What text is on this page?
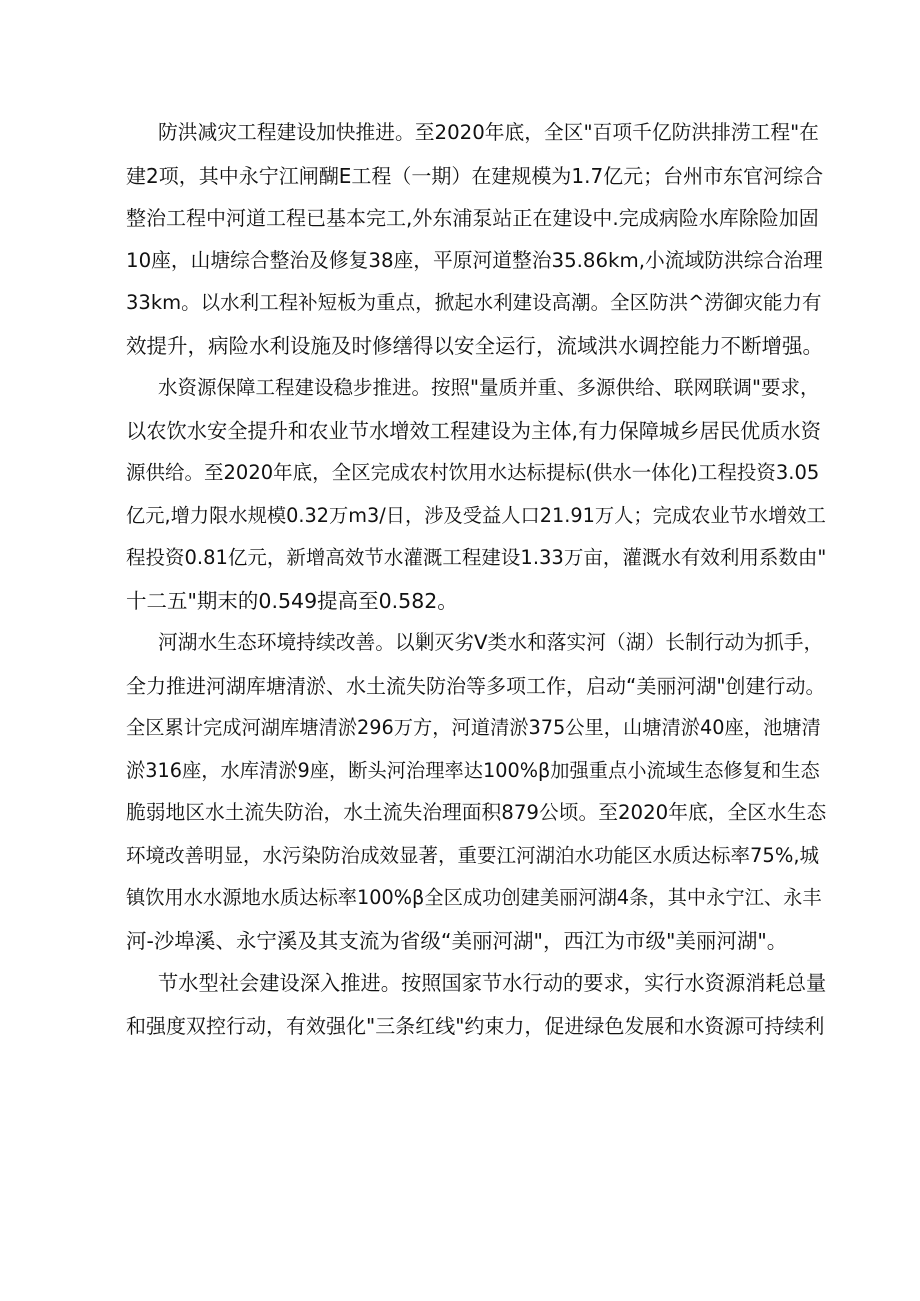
防洪减灾工程建设加快推进。至2020年底，全区"百项千亿防洪排涝工程"在
建2项，其中永宁江闸醐E工程（一期）在建规模为1.7亿元；台州市东官河综合
整治工程中河道工程已基本完工,外东浦泵站正在建设中.完成病险水库除险加固
10座，山塘综合整治及修复38座，平原河道整治35.86km,小流域防洪综合治理
33km。以水利工程补短板为重点，掀起水利建设高潮。全区防洪^涝御灾能力有
效提升，病险水利设施及时修缮得以安全运行，流域洪水调控能力不断增强。
水资源保障工程建设稳步推进。按照"量质并重、多源供给、联网联调"要求，
以农饮水安全提升和农业节水增效工程建设为主体,有力保障城乡居民优质水资
源供给。至2020年底，全区完成农村饮用水达标提标(供水一体化)工程投资3.05
亿元,增力限水规模0.32万m3/日，涉及受益人口21.91万人；完成农业节水增效工
程投资0.81亿元，新增高效节水灌溉工程建设1.33万亩，灌溉水有效利用系数由"
十二五"期末的0.549提高至0.582。
河湖水生态环境持续改善。以剿灭劣V类水和落实河（湖）长制行动为抓手，
全力推进河湖库塘清淤、水土流失防治等多项工作，启动“美丽河湖"创建行动。
全区累计完成河湖库塘清淤296万方，河道清淤375公里，山塘清淤40座，池塘清
淤316座，水库清淤9座，断头河治理率达100%β加强重点小流域生态修复和生态
脆弱地区水土流失防治，水土流失治理面积879公顷。至2020年底，全区水生态
环境改善明显，水污染防治成效显著，重要江河湖泊水功能区水质达标率75%,城
镇饮用水水源地水质达标率100%β全区成功创建美丽河湖4条，其中永宁江、永丰
河-沙埠溪、永宁溪及其支流为省级“美丽河湖"，西江为市级"美丽河湖"。
节水型社会建设深入推进。按照国家节水行动的要求，实行水资源消耗总量
和强度双控行动，有效强化"三条红线"约束力，促进绿色发展和水资源可持续利
